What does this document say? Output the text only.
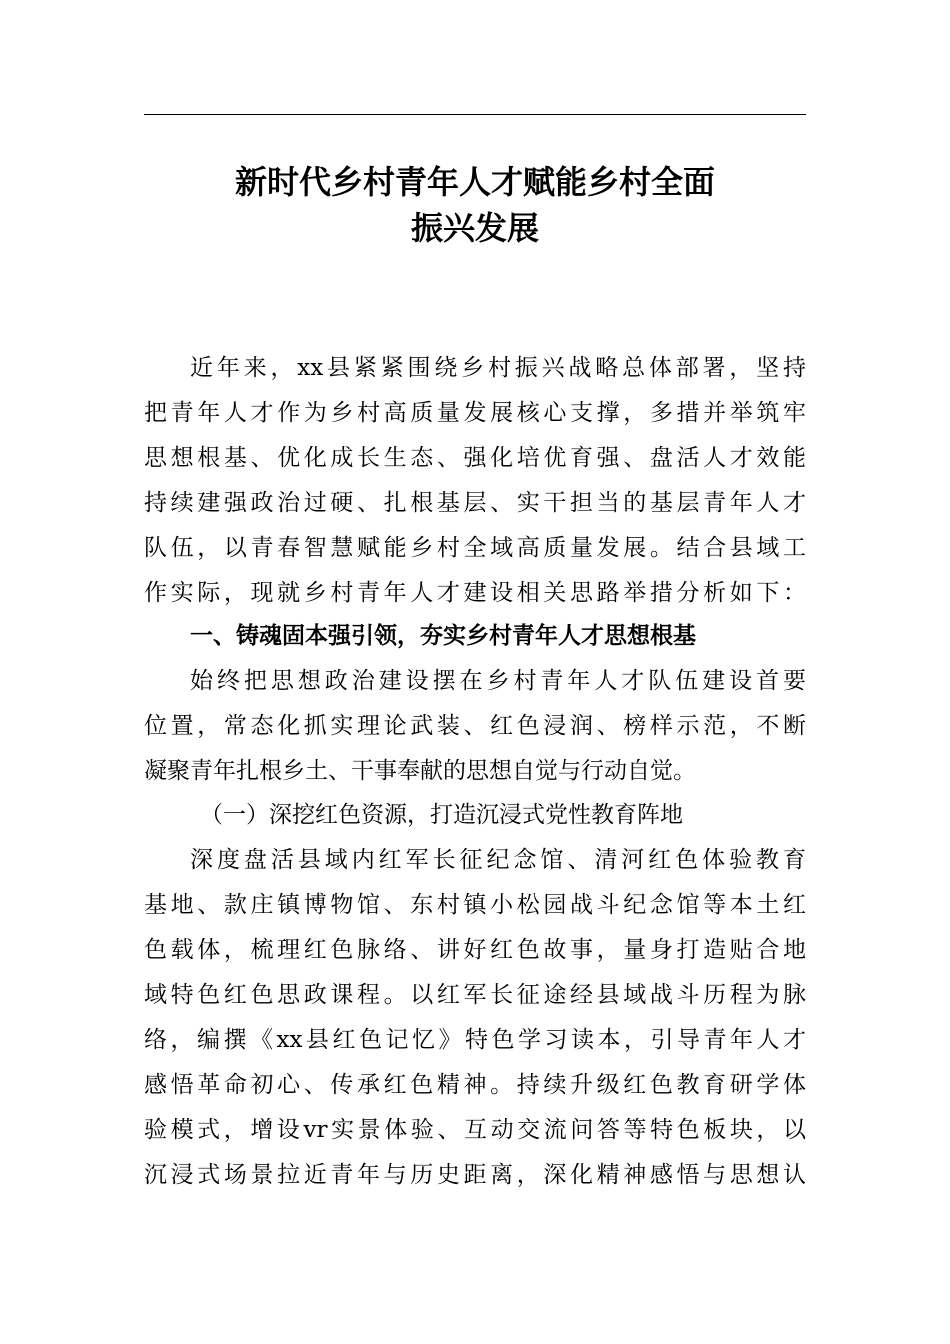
新时代乡村青年人才赋能乡村全面
振兴发展
近年来，xx县紧紧围绕乡村振兴战略总体部署，坚持
把青年人才作为乡村高质量发展核心支撑，多措并举筑牢
思想根基、优化成长生态、强化培优育强、盘活人才效能
持续建强政治过硬、扎根基层、实干担当的基层青年人才
队伍，以青春智慧赋能乡村全域高质量发展。结合县域工
作实际，现就乡村青年人才建设相关思路举措分析如下：
一、铸魂固本强引领，夯实乡村青年人才思想根基
始终把思想政治建设摆在乡村青年人才队伍建设首要
位置，常态化抓实理论武装、红色浸润、榜样示范，不断
凝聚青年扎根乡土、干事奉献的思想自觉与行动自觉。
（一）深挖红色资源，打造沉浸式党性教育阵地
深度盘活县域内红军长征纪念馆、清河红色体验教育
基地、款庄镇博物馆、东村镇小松园战斗纪念馆等本土红
色载体，梳理红色脉络、讲好红色故事，量身打造贴合地
域特色红色思政课程。以红军长征途经县域战斗历程为脉
络，编撰《xx县红色记忆》特色学习读本，引导青年人才
感悟革命初心、传承红色精神。持续升级红色教育研学体
验模式，增设vr实景体验、互动交流问答等特色板块，以
沉浸式场景拉近青年与历史距离，深化精神感悟与思想认
